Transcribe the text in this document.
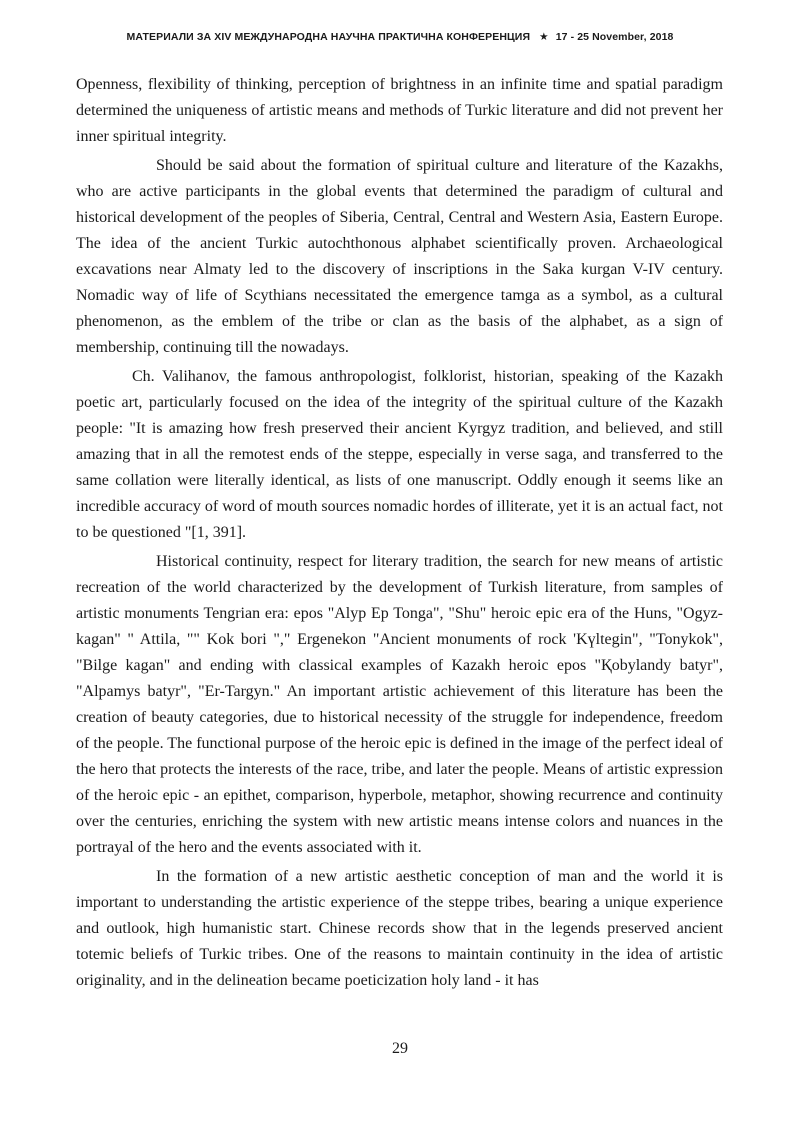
МАТЕРИАЛИ ЗА XIV МЕЖДУНАРОДНА НАУЧНА ПРАКТИЧНА КОНФЕРЕНЦИЯ ★ 17 - 25 November, 2018

Openness, flexibility of thinking, perception of brightness in an infinite time and spatial paradigm determined the uniqueness of artistic means and methods of Turkic literature and did not prevent her inner spiritual integrity.

Should be said about the formation of spiritual culture and literature of the Kazakhs, who are active participants in the global events that determined the paradigm of cultural and historical development of the peoples of Siberia, Central, Central and Western Asia, Eastern Europe. The idea of the ancient Turkic autochthonous alphabet scientifically proven. Archaeological excavations near Almaty led to the discovery of inscriptions in the Saka kurgan V-IV century. Nomadic way of life of Scythians necessitated the emergence tamga as a symbol, as a cultural phenomenon, as the emblem of the tribe or clan as the basis of the alphabet, as a sign of membership, continuing till the nowadays.

Ch. Valihanov, the famous anthropologist, folklorist, historian, speaking of the Kazakh poetic art, particularly focused on the idea of the integrity of the spiritual culture of the Kazakh people: "It is amazing how fresh preserved their ancient Kyrgyz tradition, and believed, and still amazing that in all the remotest ends of the steppe, especially in verse saga, and transferred to the same collation were literally identical, as lists of one manuscript. Oddly enough it seems like an incredible accuracy of word of mouth sources nomadic hordes of illiterate, yet it is an actual fact, not to be questioned "[1, 391].

Historical continuity, respect for literary tradition, the search for new means of artistic recreation of the world characterized by the development of Turkish literature, from samples of artistic monuments Tengrian era: epos "Alyp Ep Tonga", "Shu" heroic epic era of the Huns, "Ogyz-kagan" " Attila, "" Kok bori "," Ergenekon "Ancient monuments of rock 'Kүltegin", "Tonykok", "Bilge kagan" and ending with classical examples of Kazakh heroic epos "Қobylandy batyr", "Alpamys batyr", "Er-Targyn." An important artistic achievement of this literature has been the creation of beauty categories, due to historical necessity of the struggle for independence, freedom of the people. The functional purpose of the heroic epic is defined in the image of the perfect ideal of the hero that protects the interests of the race, tribe, and later the people. Means of artistic expression of the heroic epic - an epithet, comparison, hyperbole, metaphor, showing recurrence and continuity over the centuries, enriching the system with new artistic means intense colors and nuances in the portrayal of the hero and the events associated with it.

In the formation of a new artistic aesthetic conception of man and the world it is important to understanding the artistic experience of the steppe tribes, bearing a unique experience and outlook, high humanistic start. Chinese records show that in the legends preserved ancient totemic beliefs of Turkic tribes. One of the reasons to maintain continuity in the idea of artistic originality, and in the delineation became poeticization holy land - it has

29
